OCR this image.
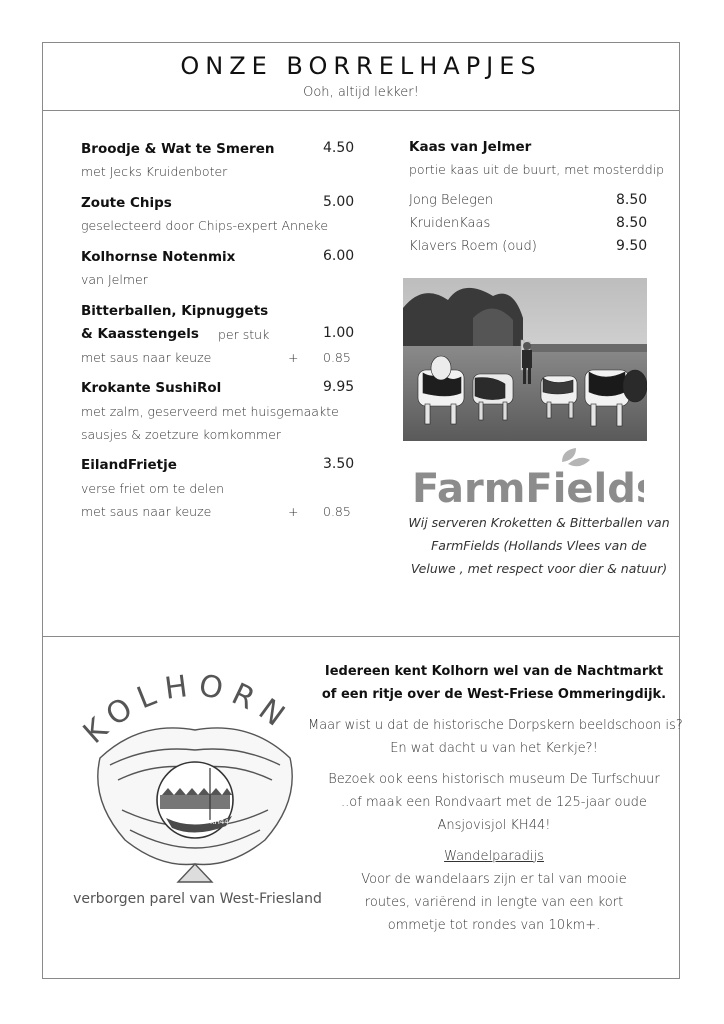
ONZE BORRELHAPJES
Ooh, altijd lekker!
Broodje & Wat te Smeren	4.50
met Jecks Kruidenboter
Zoute Chips	5.00
geselecteerd door Chips-expert Anneke
Kolhornse Notenmix	6.00
van Jelmer
Bitterballen, Kipnuggets
& Kaasstengels per stuk	1.00
met saus naar keuze	+ 0.85
Krokante SushiRol	9.95
met zalm, geserveerd met huisgemaakte
sausjes & zoetzure komkommer
EilandFrietje	3.50
verse friet om te delen
met saus naar keuze	+ 0.85
Kaas van Jelmer
portie kaas uit de buurt, met mosterddip
Jong Belegen	8.50
KruidenKaas	8.50
Klavers Roem (oud)	9.50
FarmFields
Wij serveren Kroketten & Bitterballen van
FarmFields (Hollands Vlees van de
Veluwe , met respect voor dier & natuur)
KOLHORN
KH44
verborgen parel van West-Friesland
Iedereen kent Kolhorn wel van de Nachtmarkt
of een ritje over de West-Friese Ommeringdijk.
Maar wist u dat de historische Dorpskern beeldschoon is?
En wat dacht u van het Kerkje?!
Bezoek ook eens historisch museum De Turfschuur
..of maak een Rondvaart met de 125-jaar oude
Ansjovisjol KH44!
Wandelparadijs
Voor de wandelaars zijn er tal van mooie
routes, variërend in lengte van een kort
ommetje tot rondes van 10km+.
